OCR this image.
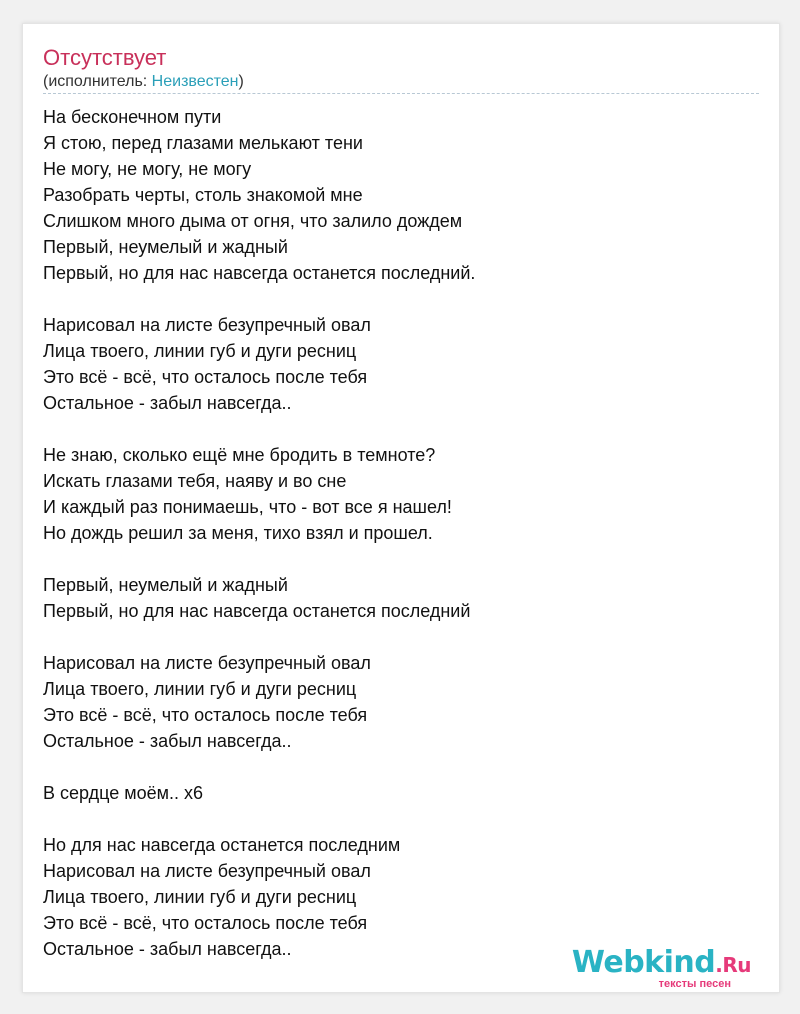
Отсутствует
(исполнитель: Неизвестен)
На бесконечном пути
Я стою, перед глазами мелькают тени
Не могу, не могу, не могу
Разобрать черты, столь знакомой мне
Слишком много дыма от огня, что залило дождем
Первый, неумелый и жадный
Первый, но для нас навсегда останется последний.
Нарисовал на листе безупречный овал
Лица твоего, линии губ и дуги ресниц
Это всё - всё, что осталось после тебя
Остальное - забыл навсегда..
Не знаю, сколько ещё мне бродить в темноте?
Искать глазами тебя, наяву и во сне
И каждый раз понимаешь, что - вот все я нашел!
Но дождь решил за меня, тихо взял и прошел.
Первый, неумелый и жадный
Первый, но для нас навсегда останется последний
Нарисовал на листе безупречный овал
Лица твоего, линии губ и дуги ресниц
Это всё - всё, что осталось после тебя
Остальное - забыл навсегда..
В сердце моём.. х6
Но для нас навсегда останется последним
Нарисовал на листе безупречный овал
Лица твоего, линии губ и дуги ресниц
Это всё - всё, что осталось после тебя
Остальное - забыл навсегда..	Webkind.Ru
тексты песен
